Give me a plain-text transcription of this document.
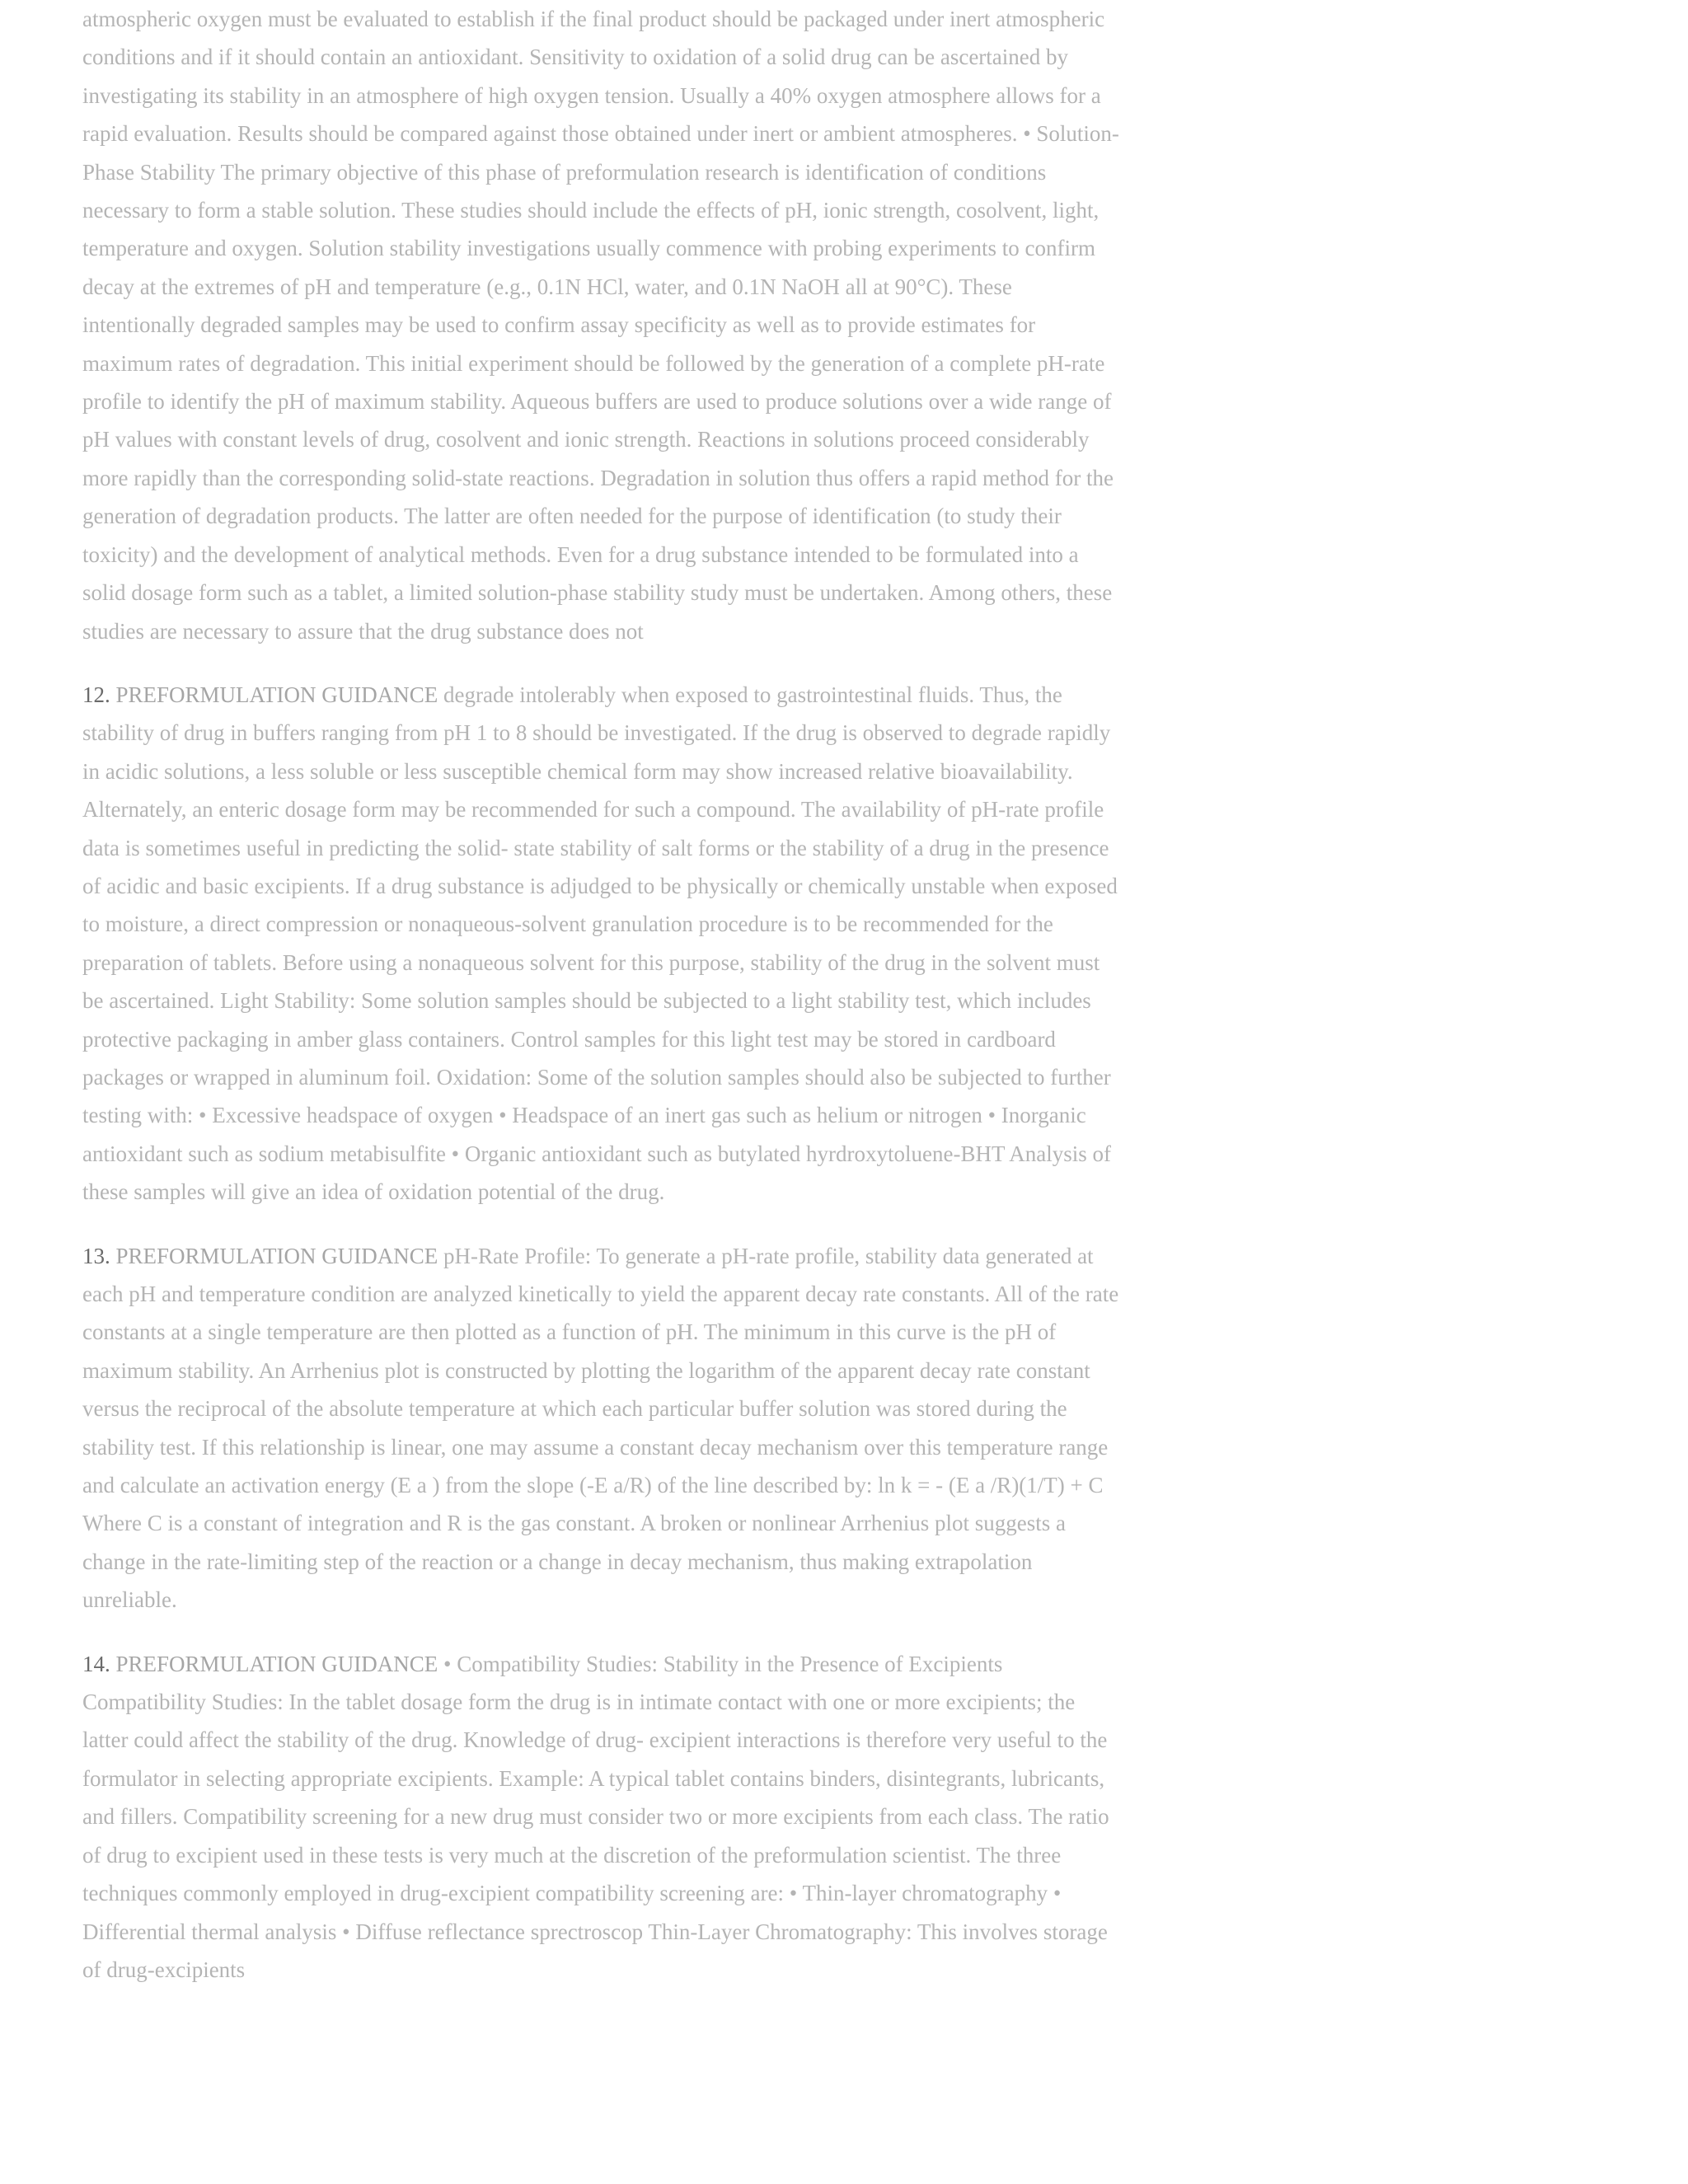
atmospheric oxygen must be evaluated to establish if the final product should be packaged under inert atmospheric conditions and if it should contain an antioxidant. Sensitivity to oxidation of a solid drug can be ascertained by investigating its stability in an atmosphere of high oxygen tension. Usually a 40% oxygen atmosphere allows for a rapid evaluation. Results should be compared against those obtained under inert or ambient atmospheres. • Solution-Phase Stability The primary objective of this phase of preformulation research is identification of conditions necessary to form a stable solution. These studies should include the effects of pH, ionic strength, cosolvent, light, temperature and oxygen. Solution stability investigations usually commence with probing experiments to confirm decay at the extremes of pH and temperature (e.g., 0.1N HCl, water, and 0.1N NaOH all at 90°C). These intentionally degraded samples may be used to confirm assay specificity as well as to provide estimates for maximum rates of degradation. This initial experiment should be followed by the generation of a complete pH-rate profile to identify the pH of maximum stability. Aqueous buffers are used to produce solutions over a wide range of pH values with constant levels of drug, cosolvent and ionic strength. Reactions in solutions proceed considerably more rapidly than the corresponding solid-state reactions. Degradation in solution thus offers a rapid method for the generation of degradation products. The latter are often needed for the purpose of identification (to study their toxicity) and the development of analytical methods. Even for a drug substance intended to be formulated into a solid dosage form such as a tablet, a limited solution-phase stability study must be undertaken. Among others, these studies are necessary to assure that the drug substance does not

12. PREFORMULATION GUIDANCE degrade intolerably when exposed to gastrointestinal fluids. Thus, the stability of drug in buffers ranging from pH 1 to 8 should be investigated. If the drug is observed to degrade rapidly in acidic solutions, a less soluble or less susceptible chemical form may show increased relative bioavailability. Alternately, an enteric dosage form may be recommended for such a compound. The availability of pH-rate profile data is sometimes useful in predicting the solid- state stability of salt forms or the stability of a drug in the presence of acidic and basic excipients. If a drug substance is adjudged to be physically or chemically unstable when exposed to moisture, a direct compression or nonaqueous-solvent granulation procedure is to be recommended for the preparation of tablets. Before using a nonaqueous solvent for this purpose, stability of the drug in the solvent must be ascertained. Light Stability: Some solution samples should be subjected to a light stability test, which includes protective packaging in amber glass containers. Control samples for this light test may be stored in cardboard packages or wrapped in aluminum foil. Oxidation: Some of the solution samples should also be subjected to further testing with: • Excessive headspace of oxygen • Headspace of an inert gas such as helium or nitrogen • Inorganic antioxidant such as sodium metabisulfite • Organic antioxidant such as butylated hyrdroxytoluene-BHT Analysis of these samples will give an idea of oxidation potential of the drug.

13. PREFORMULATION GUIDANCE pH-Rate Profile: To generate a pH-rate profile, stability data generated at each pH and temperature condition are analyzed kinetically to yield the apparent decay rate constants. All of the rate constants at a single temperature are then plotted as a function of pH. The minimum in this curve is the pH of maximum stability. An Arrhenius plot is constructed by plotting the logarithm of the apparent decay rate constant versus the reciprocal of the absolute temperature at which each particular buffer solution was stored during the stability test. If this relationship is linear, one may assume a constant decay mechanism over this temperature range and calculate an activation energy (E a ) from the slope (-E a/R) of the line described by: ln k = - (E a /R)(1/T) + C Where C is a constant of integration and R is the gas constant. A broken or nonlinear Arrhenius plot suggests a change in the rate-limiting step of the reaction or a change in decay mechanism, thus making extrapolation unreliable.

14. PREFORMULATION GUIDANCE • Compatibility Studies: Stability in the Presence of Excipients Compatibility Studies: In the tablet dosage form the drug is in intimate contact with one or more excipients; the latter could affect the stability of the drug. Knowledge of drug- excipient interactions is therefore very useful to the formulator in selecting appropriate excipients. Example: A typical tablet contains binders, disintegrants, lubricants, and fillers. Compatibility screening for a new drug must consider two or more excipients from each class. The ratio of drug to excipient used in these tests is very much at the discretion of the preformulation scientist. The three techniques commonly employed in drug-excipient compatibility screening are: • Thin-layer chromatography • Differential thermal analysis • Diffuse reflectance sprectroscop Thin-Layer Chromatography: This involves storage of drug-excipients
